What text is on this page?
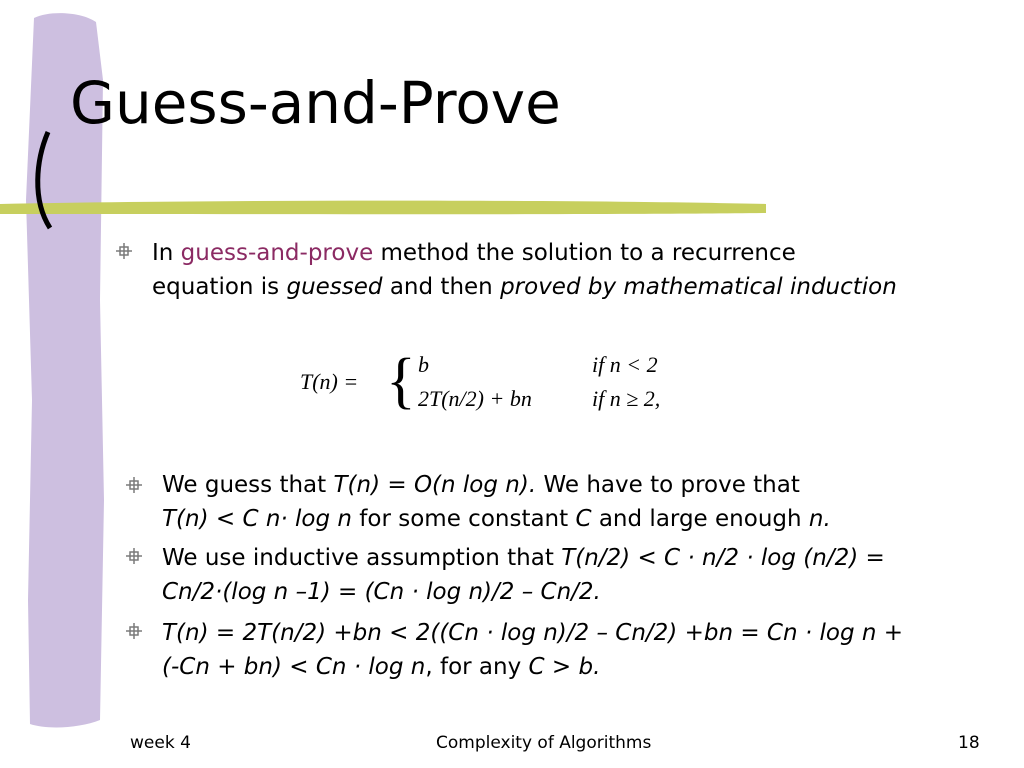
Guess-and-Prove
In guess-and-prove method the solution to a recurrence
equation is guessed and then proved by mathematical induction
T(n) = { b	if n < 2
2T(n/2) + bn	if n ≥ 2,
We guess that T(n) = O(n log n). We have to prove that
T(n) < C n· log n for some constant C and large enough n.
We use inductive assumption that T(n/2) < C · n/2 · log (n/2) =
Cn/2·(log n –1) = (Cn · log n)/2 – Cn/2.
T(n) = 2T(n/2) +bn < 2((Cn · log n)/2 – Cn/2) +bn = Cn · log n +
(-Cn + bn) < Cn · log n, for any C > b.
week 4	Complexity of Algorithms	18
